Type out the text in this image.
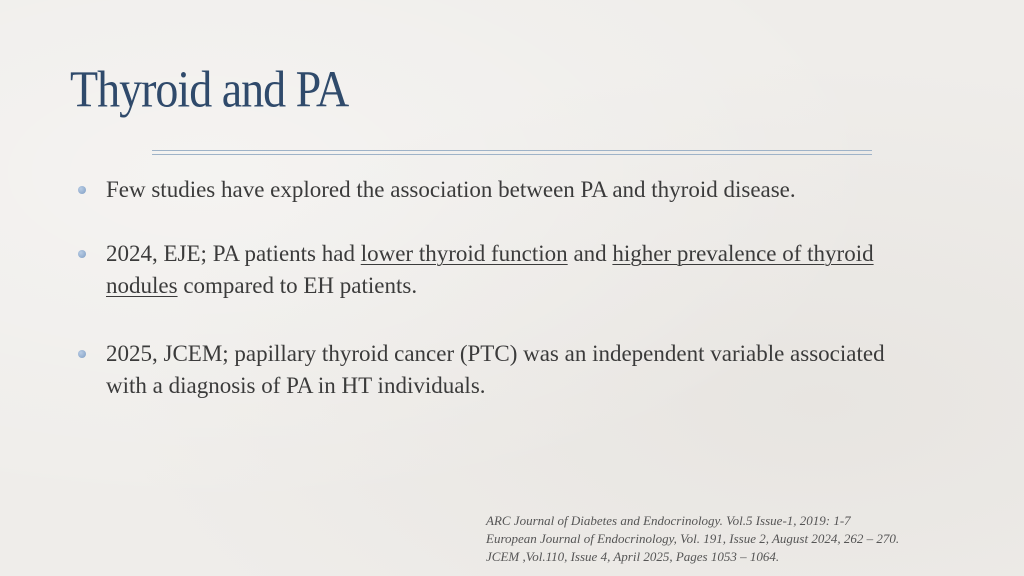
Thyroid and PA
Few studies have explored the association between PA and thyroid disease.
2024, EJE; PA patients had lower thyroid function and higher prevalence of thyroid nodules compared to EH patients.
2025, JCEM; papillary thyroid cancer (PTC) was an independent variable associated with a diagnosis of PA in HT individuals.
ARC Journal of Diabetes and Endocrinology. Vol.5 Issue-1, 2019: 1-7
European Journal of Endocrinology, Vol. 191, Issue 2, August 2024, 262 – 270.
JCEM ,Vol.110, Issue 4, April 2025, Pages 1053 – 1064.
